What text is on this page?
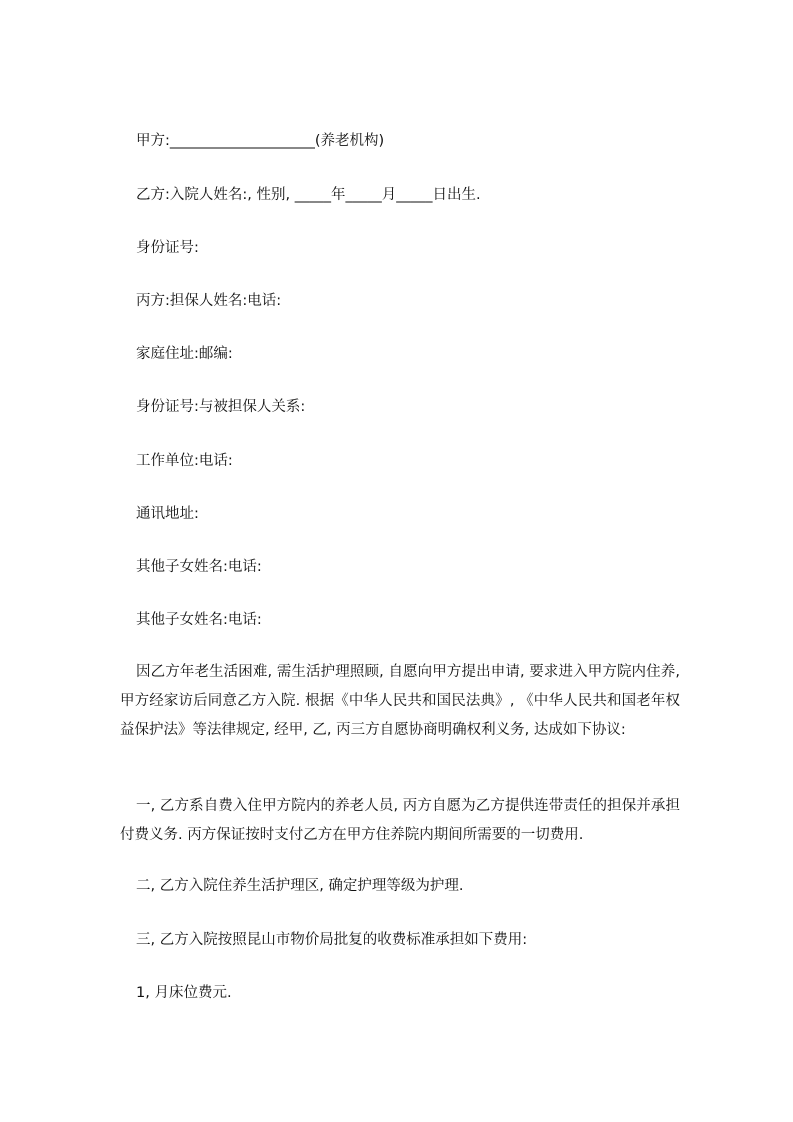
甲方:____________________(养老机构)
乙方:入院人姓名:, 性别, _____年_____月_____日出生.
身份证号:
丙方:担保人姓名:电话:
家庭住址:邮编:
身份证号:与被担保人关系:
工作单位:电话:
通讯地址:
其他子女姓名:电话:
其他子女姓名:电话:
因乙方年老生活困难, 需生活护理照顾, 自愿向甲方提出申请, 要求进入甲方院内住养, 甲方经家访后同意乙方入院. 根据《中华人民共和国民法典》, 《中华人民共和国老年权益保护法》等法律规定, 经甲, 乙, 丙三方自愿协商明确权利义务, 达成如下协议:
一, 乙方系自费入住甲方院内的养老人员, 丙方自愿为乙方提供连带责任的担保并承担付费义务. 丙方保证按时支付乙方在甲方住养院内期间所需要的一切费用.
二, 乙方入院住养生活护理区, 确定护理等级为护理.
三, 乙方入院按照昆山市物价局批复的收费标准承担如下费用:
1, 月床位费元.
